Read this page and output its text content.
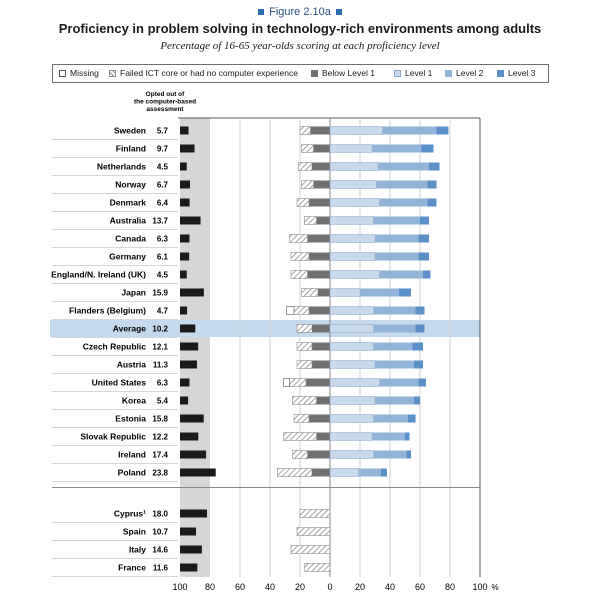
Figure 2.10a
Proficiency in problem solving in technology-rich environments among adults
Percentage of 16-65 year-olds scoring at each proficiency level
Missing Failed ICT core or had no computer experience	Below Level 1	Level 1	Level 2	Level 3
Opted out of
the computer-based
assessment
Sweden 5.7
Finland 9.7
Netherlands 4.5
Norway 6.7
Denmark 6.4
Australia 13.7
Canada 6.3
Germany 6.1
England/N. Ireland (UK) 4.5
Japan 15.9
Flanders (Belgium) 4.7
Average 10.2
Czech Republic 12.1
Austria 11.3
United States 6.3
Korea 5.4
Estonia 15.8
Slovak Republic 12.2
Ireland 17.4
Poland 23.8
Cyprus¹ 18.0
Spain 10.7
Italy 14.6
France 11.6
100 80 60 40 20 0 20 40 60 80 100 %
